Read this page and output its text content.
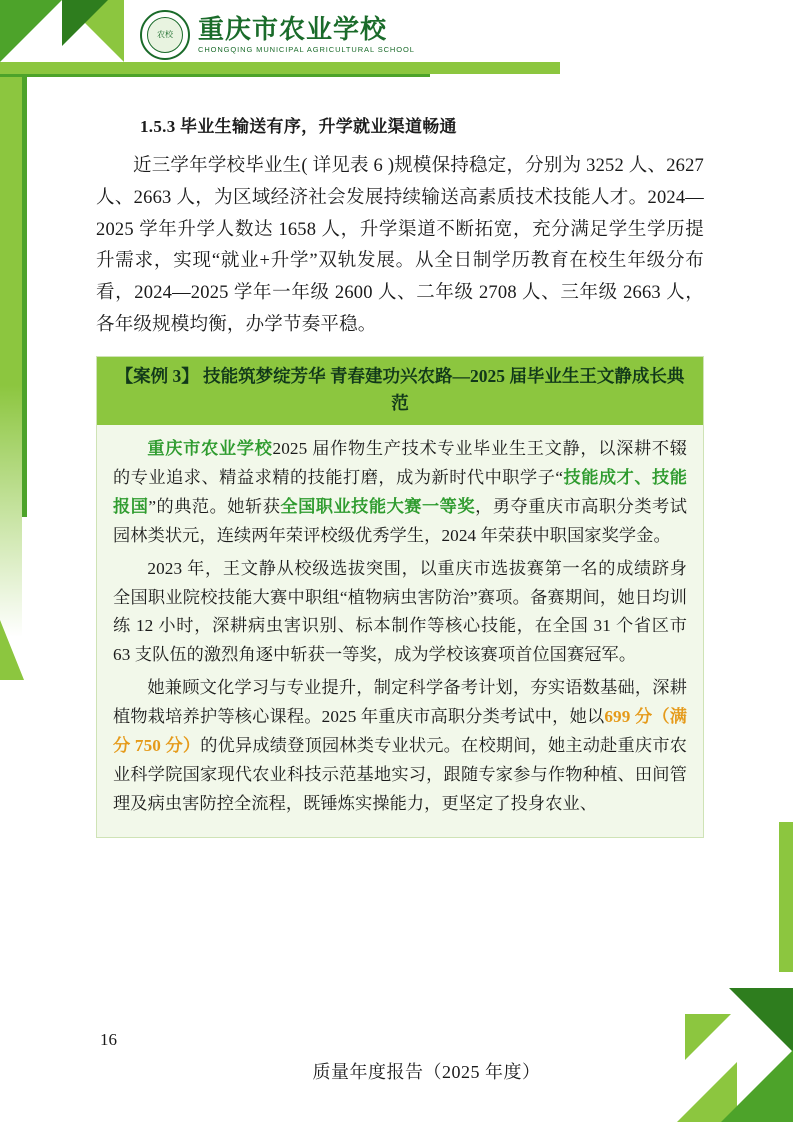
农校 重庆市农业学校
CHONGQING MUNICIPAL AGRICULTURAL SCHOOL
1.5.3 毕业生输送有序，升学就业渠道畅通

近三学年学校毕业生( 详见表 6 )规模保持稳定，分别为 3252 人、2627 人、2663 人，为区域经济社会发展持续输送高素质技术技能人才。2024—2025 学年升学人数达 1658 人，升学渠道不断拓宽，充分满足学生学历提升需求，实现“就业+升学”双轨发展。从全日制学历教育在校生年级分布看，2024—2025 学年一年级 2600 人、二年级 2708 人、三年级 2663 人，各年级规模均衡，办学节奏平稳。

【案例 3】 技能筑梦绽芳华 青春建功兴农路—2025 届毕业生王文静成长典范

重庆市农业学校2025 届作物生产技术专业毕业生王文静，以深耕不辍的专业追求、精益求精的技能打磨，成为新时代中职学子“技能成才、技能报国”的典范。她斩获全国职业技能大赛一等奖，勇夺重庆市高职分类考试园林类状元，连续两年荣评校级优秀学生，2024 年荣获中职国家奖学金。

2023 年，王文静从校级选拔突围，以重庆市选拔赛第一名的成绩跻身全国职业院校技能大赛中职组“植物病虫害防治”赛项。备赛期间，她日均训练 12 小时，深耕病虫害识别、标本制作等核心技能，在全国 31 个省区市 63 支队伍的激烈角逐中斩获一等奖，成为学校该赛项首位国赛冠军。

她兼顾文化学习与专业提升，制定科学备考计划，夯实语数基础，深耕植物栽培养护等核心课程。2025 年重庆市高职分类考试中，她以699 分（满分 750 分）的优异成绩登顶园林类专业状元。在校期间，她主动赴重庆市农业科学院国家现代农业科技示范基地实习，跟随专家参与作物种植、田间管理及病虫害防控全流程，既锤炼实操能力，更坚定了投身农业、

16
质量年度报告（2025 年度）
